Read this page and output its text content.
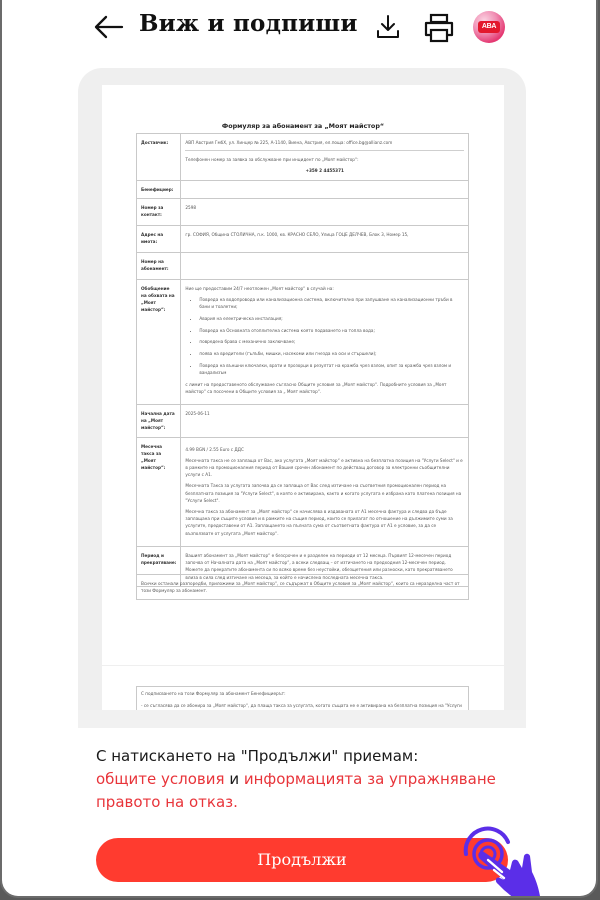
Виж и подпиши	ABA
Формуляр за абонамент за „Моят майстор“
Доставчик:	АВП Австрия ГмбХ, ул. Хинцер № 225, А-1140, Виена, Австрия, ел.поща: office.bg@allianz.com
Телефонен номер за заявка за обслужване при инцидент по „Моят майстор“:
+359 2 4455371

Бенефициер:	
Номер за контакт:	2598
Адрес на имота:	гр. СОФИЯ, Община СТОЛИЧНА, п.к. 1000, кв. КРАСНО СЕЛО, Улица ГОЦЕ ДЕЛЧЕВ, Блок 3, Номер 15,
Номер на абонамент:	
Обобщение на обхвата на „Моят майстор“:	

Ние ще предоставим 24/7 неотложен „Моят майстор“ в случай на:

• Повреда на водопровода или канализационна система, включително при запушване на канализационни тръби в бани и тоалетни;
• Авария на електрическа инсталация;
• Повреда на Основната отоплителна система която подаването на топла вода;
• повредена брава с механично заключване;
• поява на вредители (гълъби, мишки, насекоми или гнезда на оси и стършели);
• Повреда на външни ключалки, врати и прозорци в резултат на кражба чрез взлом, опит за кражба чрез взлом и вандализъм

с лимит на предоставеното обслужване съгласно Общите условия за „Моят майстор“. Подробните условия за „Моят майстор“ са посочени в Общите условия за „ Моят майстор“.

Начална дата на „Моят майстор“:	2025-06-11
Месечна такса за „Моят майстор“:	4.99 BGN / 2.55 Euro с ДДС

Месечната такса не се заплаща от Вас, ако услугата „Моят майстор“ е активна на безплатна позиция на "Услуги Select" и е в рамките на промоционалния период от Вашия срочен абонамент по действащ договор за електронни съобщителни услуги с А1.

Месечната Такса за услугата започва да се заплаща от Вас след изтичане на съответния промоционален период на безплатната позиция за "Услуги Select", в която е активирана, както и когато услугата е избрана като платена позиция на "Услуги Select".

Месечна такса за абонамент за „Моят майстор“ се начислява в издаваната от А1 месечна фактура и следва да бъде заплащана при същите условия и в рамките на същия период, които се прилагат по отношение на дължимите суми за услугите, предоставени от А1. Заплащането на пълната сума от съответната фактура от А1 е условие, за да се възползвате от услугата „Моят майстор“.

Период и прекратяване:	Вашият абонамент за „Моят майстор“ е безсрочен и е разделен на периоди от 12 месеца. Първият 12-месечен период започва от Началната дата на „Моят майстор“, а всеки следващ – от изтичането на предходния 12-месечен период. Можете да прекратите абонамента си по всяко време без неустойки, обезщетения или разноски, като прекратяването влиза в сила след изтичане на месеца, за който е начислена последната месечна такса.
Всички останали разпоредби, приложими за „Моят майстор“, се съдържат в Общите условия за „Моят майстор“, които са неразделна част от този Формуляр за абонамент.

С подписването на този Формуляр за абонамент Бенефициерът:

- се съгласява да се абонира за „Моят майстор“, да плаща такса за услугата, когато същата не е активирана на безплатна позиция на "Услуги

С натискането на "Продължи" приемам:
общите условия и информацията за упражняване правото на отказ.
Продължи
